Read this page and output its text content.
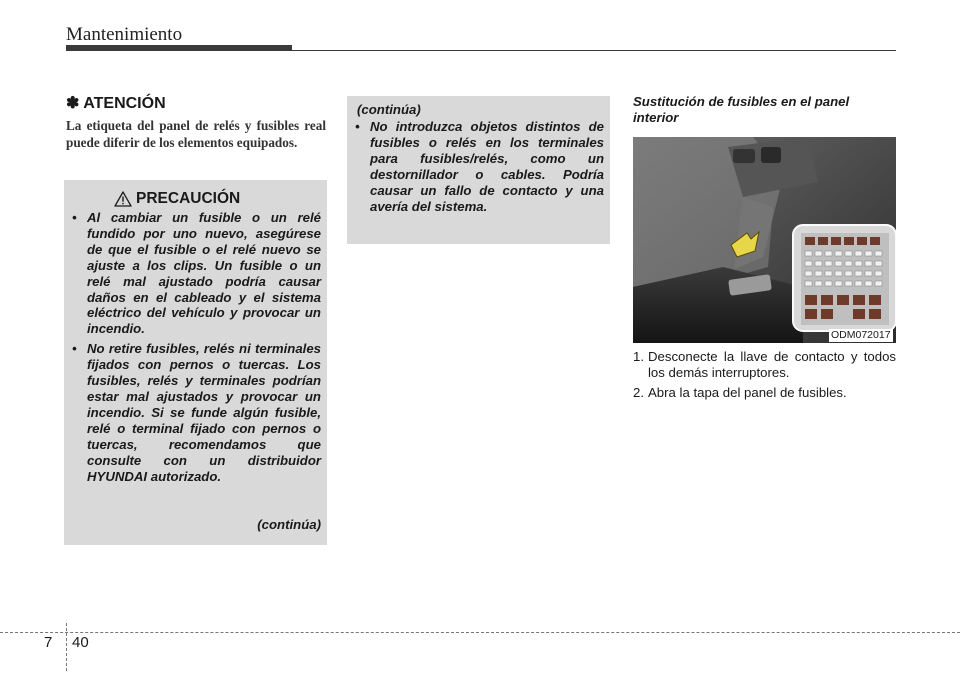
Mantenimiento
✽ ATENCIÓN
La etiqueta del panel de relés y fusibles real puede diferir de los elementos equipados.
PRECAUCIÓN
• Al cambiar un fusible o un relé fundido por uno nuevo, asegúrese de que el fusible o el relé nuevo se ajuste a los clips. Un fusible o un relé mal ajustado podría causar daños en el cableado y el sistema eléctrico del vehículo y provocar un incendio.
• No retire fusibles, relés ni terminales fijados con pernos o tuercas. Los fusibles, relés y terminales podrían estar mal ajustados y provocar un incendio. Si se funde algún fusible, relé o terminal fijado con pernos o tuercas, recomendamos que consulte con un distribuidor HYUNDAI autorizado.
(continúa)
(continúa)
• No introduzca objetos distintos de fusibles o relés en los terminales para fusibles/relés, como un destornillador o cables. Podría causar un fallo de contacto y una avería del sistema.
Sustitución de fusibles en el panel interior
ODM072017
1. Desconecte la llave de contacto y todos los demás interruptores.
2. Abra la tapa del panel de fusibles.
7 40
